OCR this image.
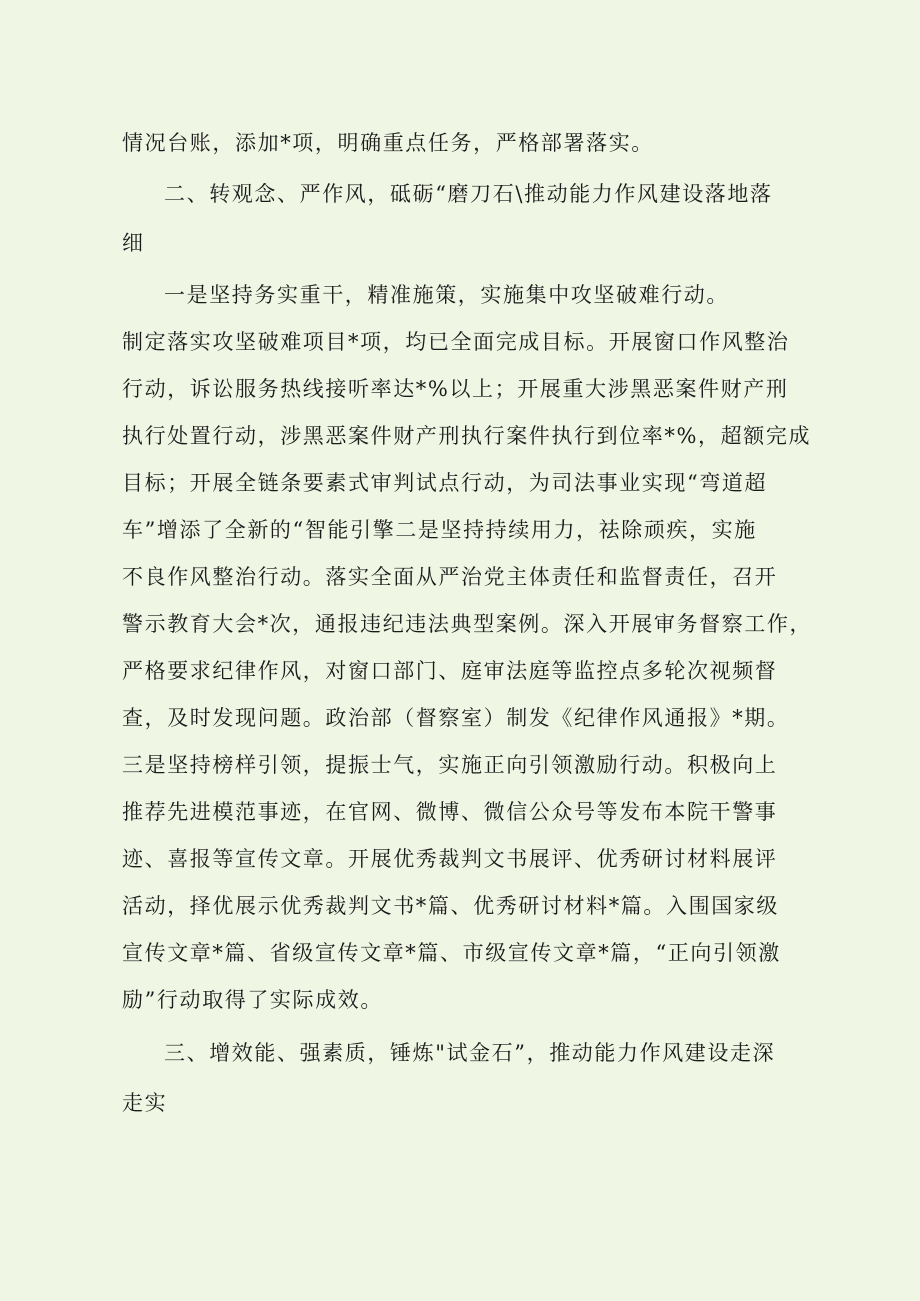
情况台账，添加*项，明确重点任务，严格部署落实。
二、转观念、严作风，砥砺“磨刀石\推动能力作风建设落地落
细
一是坚持务实重干，精准施策，实施集中攻坚破难行动。
制定落实攻坚破难项目*项，均已全面完成目标。开展窗口作风整治
行动，诉讼服务热线接听率达*%以上；开展重大涉黑恶案件财产刑
执行处置行动，涉黑恶案件财产刑执行案件执行到位率*%，超额完成
目标；开展全链条要素式审判试点行动，为司法事业实现“弯道超
车”增添了全新的“智能引擎二是坚持持续用力，祛除顽疾，实施
不良作风整治行动。落实全面从严治党主体责任和监督责任，召开
警示教育大会*次，通报违纪违法典型案例。深入开展审务督察工作，
严格要求纪律作风，对窗口部门、庭审法庭等监控点多轮次视频督
查，及时发现问题。政治部（督察室）制发《纪律作风通报》*期。
三是坚持榜样引领，提振士气，实施正向引领激励行动。积极向上
推荐先进模范事迹，在官网、微博、微信公众号等发布本院干警事
迹、喜报等宣传文章。开展优秀裁判文书展评、优秀研讨材料展评
活动，择优展示优秀裁判文书*篇、优秀研讨材料*篇。入围国家级
宣传文章*篇、省级宣传文章*篇、市级宣传文章*篇，“正向引领激
励”行动取得了实际成效。
三、增效能、强素质，锤炼"试金石”，推动能力作风建设走深
走实
